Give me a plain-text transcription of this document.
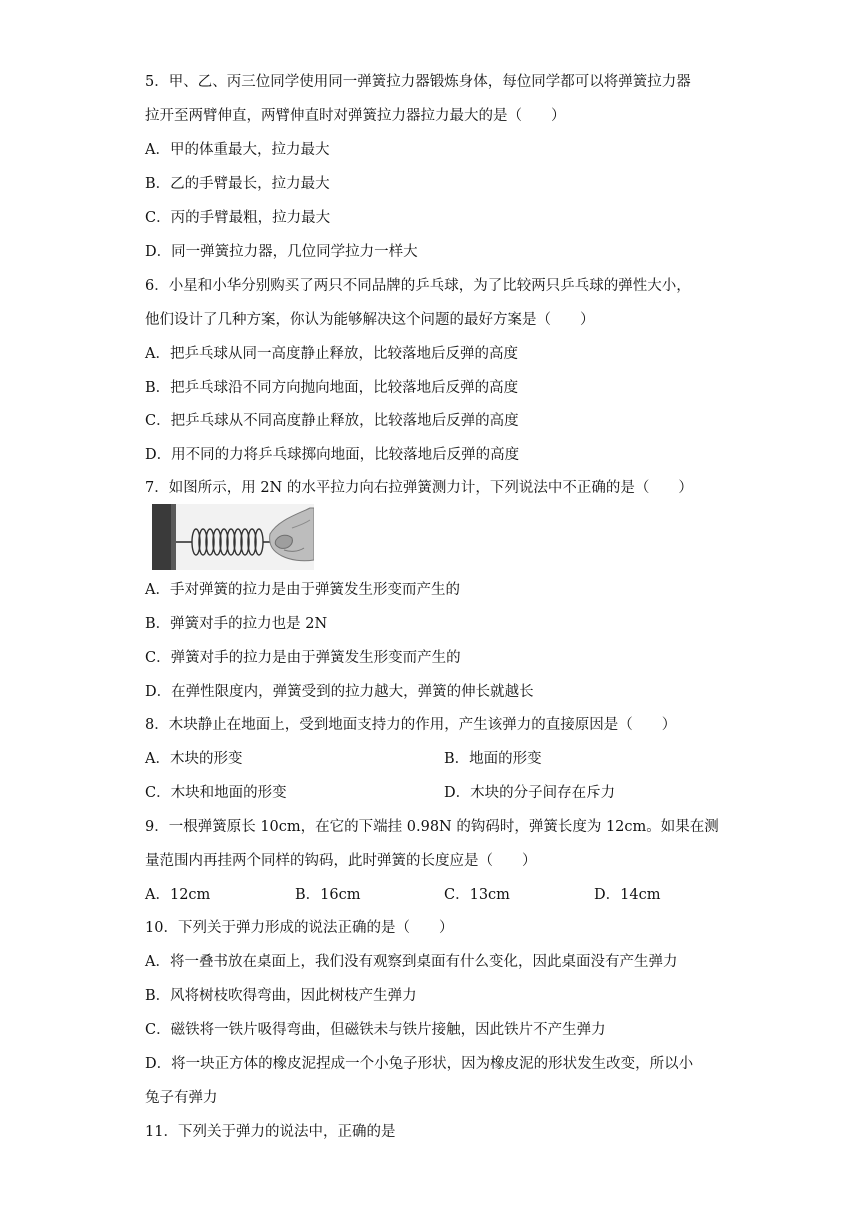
5．甲、乙、丙三位同学使用同一弹簧拉力器锻炼身体，每位同学都可以将弹簧拉力器
拉开至两臂伸直，两臂伸直时对弹簧拉力器拉力最大的是（　　）
A．甲的体重最大，拉力最大
B．乙的手臂最长，拉力最大
C．丙的手臂最粗，拉力最大
D．同一弹簧拉力器，几位同学拉力一样大
6．小星和小华分别购买了两只不同品牌的乒乓球，为了比较两只乒乓球的弹性大小，
他们设计了几种方案，你认为能够解决这个问题的最好方案是（　　）
A．把乒乓球从同一高度静止释放，比较落地后反弹的高度
B．把乒乓球沿不同方向抛向地面，比较落地后反弹的高度
C．把乒乓球从不同高度静止释放，比较落地后反弹的高度
D．用不同的力将乒乓球掷向地面，比较落地后反弹的高度
7．如图所示，用 2N 的水平拉力向右拉弹簧测力计，下列说法中不正确的是（　　）
A．手对弹簧的拉力是由于弹簧发生形变而产生的
B．弹簧对手的拉力也是 2N
C．弹簧对手的拉力是由于弹簧发生形变而产生的
D．在弹性限度内，弹簧受到的拉力越大，弹簧的伸长就越长
8．木块静止在地面上，受到地面支持力的作用，产生该弹力的直接原因是（　　）
A．木块的形变	B．地面的形变
C．木块和地面的形变	D．木块的分子间存在斥力
9．一根弹簧原长 10cm，在它的下端挂 0.98N 的钩码时，弹簧长度为 12cm。如果在测
量范围内再挂两个同样的钩码，此时弹簧的长度应是（　　）
A．12cm	B．16cm	C．13cm	D．14cm
10．下列关于弹力形成的说法正确的是（　　）
A．将一叠书放在桌面上，我们没有观察到桌面有什么变化，因此桌面没有产生弹力
B．风将树枝吹得弯曲，因此树枝产生弹力
C．磁铁将一铁片吸得弯曲，但磁铁未与铁片接触，因此铁片不产生弹力
D．将一块正方体的橡皮泥捏成一个小兔子形状，因为橡皮泥的形状发生改变，所以小
兔子有弹力
11．下列关于弹力的说法中，正确的是
